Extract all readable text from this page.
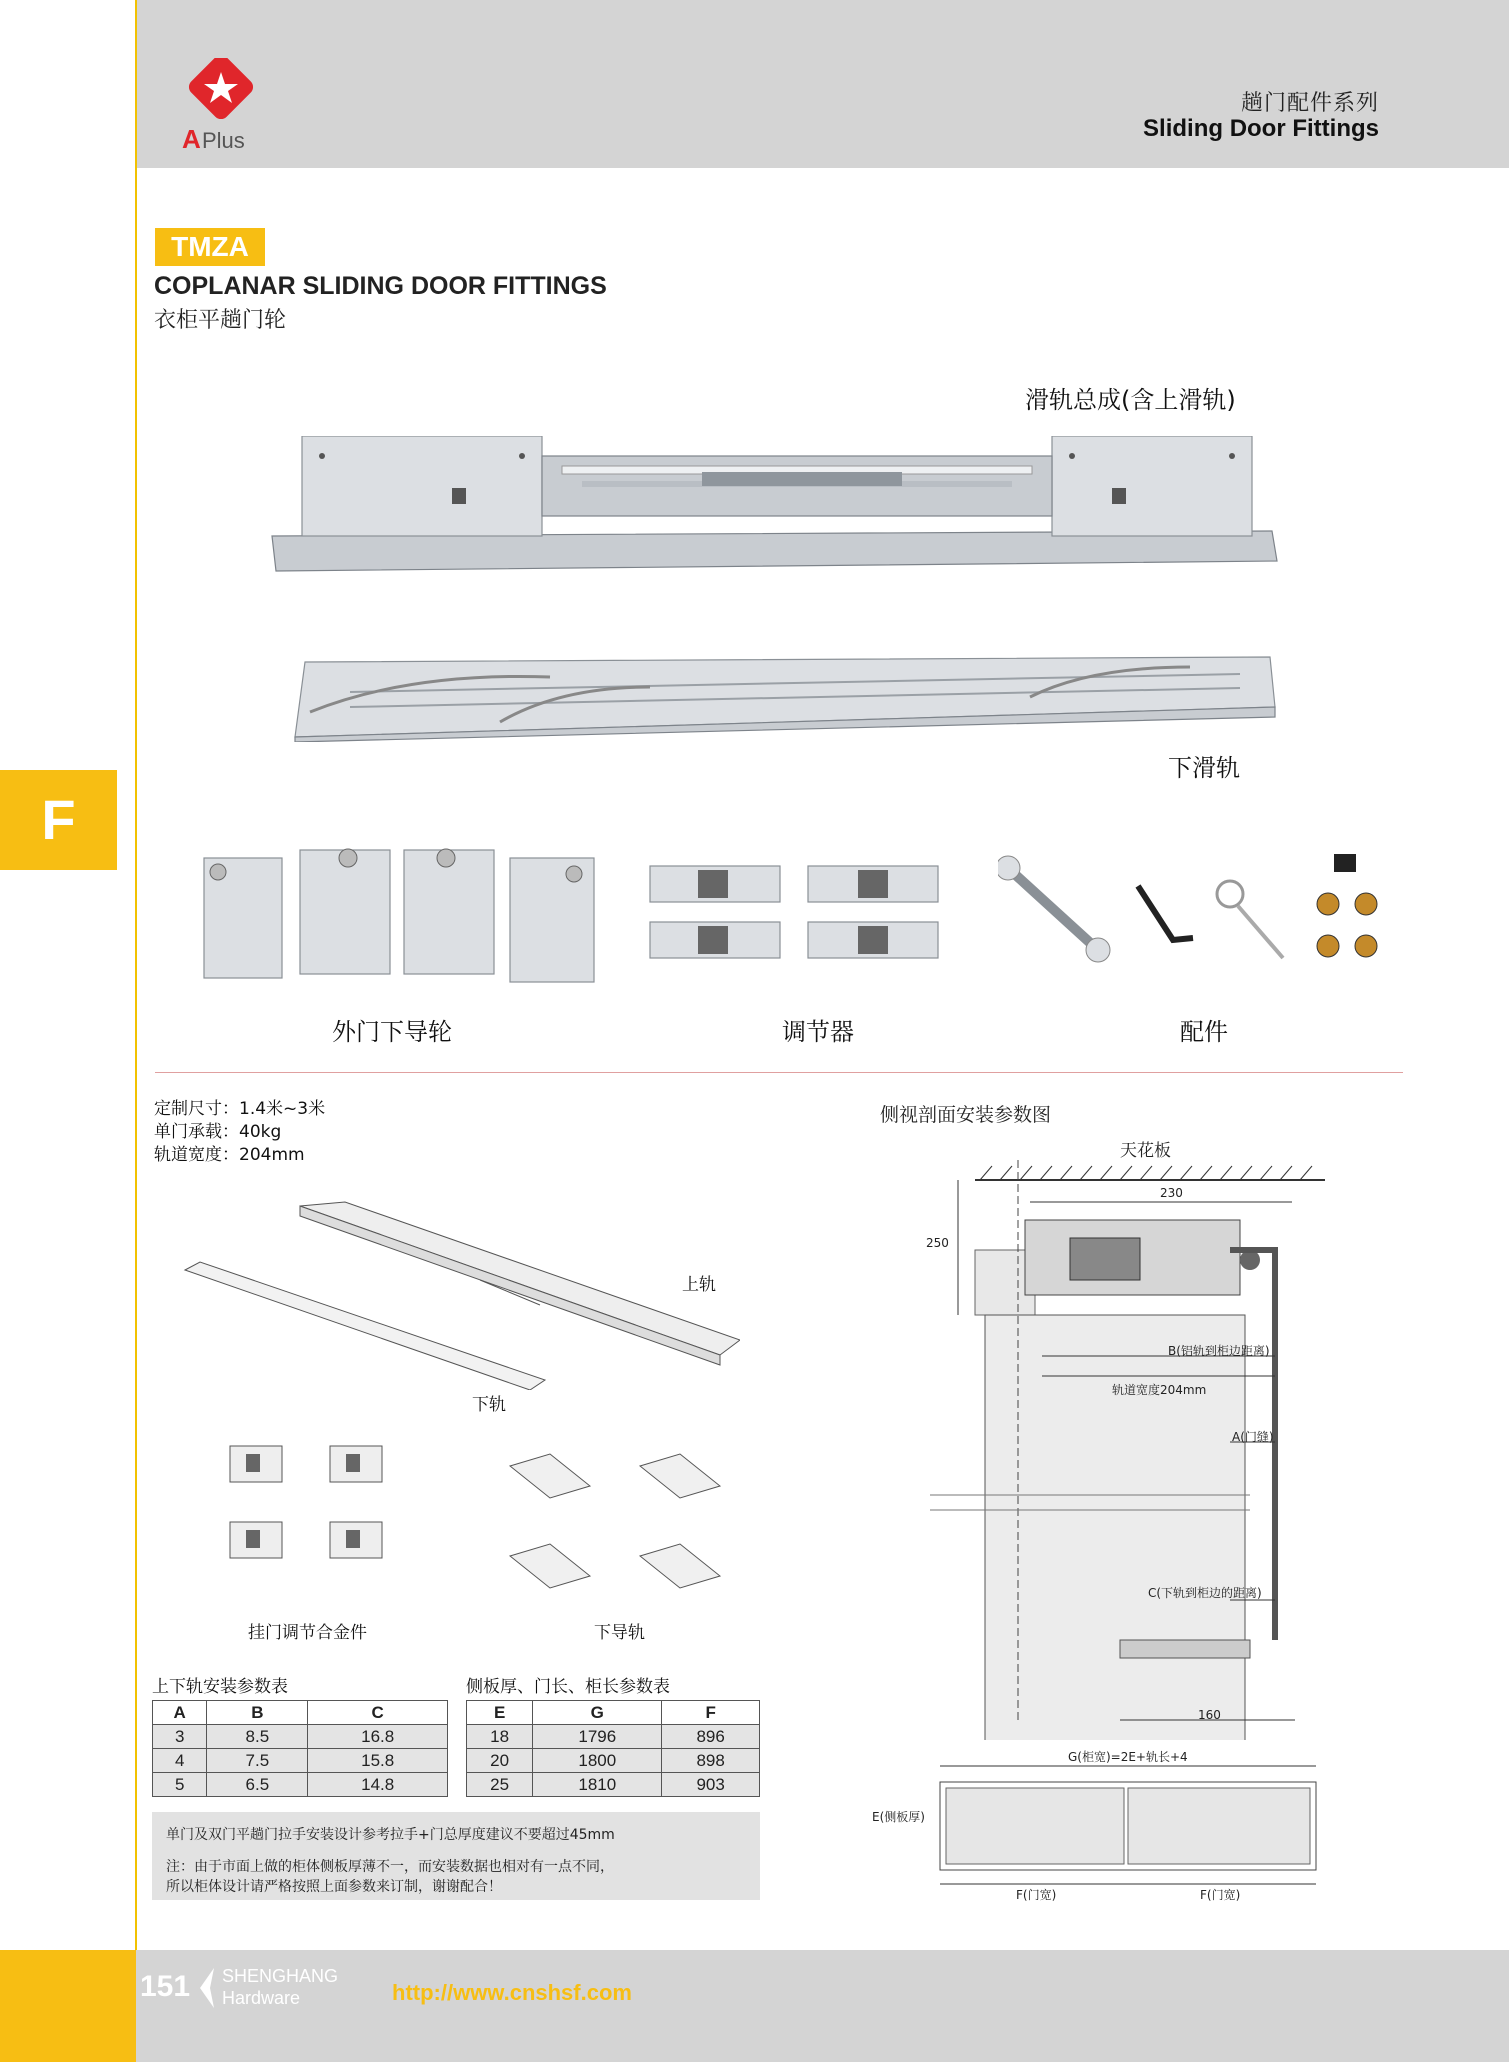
A Plus
趟门配件系列
Sliding Door Fittings
TMZA
COPLANAR SLIDING DOOR FITTINGS
衣柜平趟门轮
F
滑轨总成(含上滑轨)
下滑轨
外门下导轮	调节器	配件
定制尺寸：1.4米~3米
单门承载：40kg
轨道宽度：204mm
上轨
下轨
挂门调节合金件	下导轨
上下轨安装参数表
A	B	C
3	8.5	16.8
4	7.5	15.8
5	6.5	14.8
侧板厚、门长、柜长参数表
E	G	F
18	1796	896
20	1800	898
25	1810	903
单门及双门平趟门拉手安装设计参考拉手+门总厚度建议不要超过45mm
注：由于市面上做的柜体侧板厚薄不一，而安装数据也相对有一点不同，
所以柜体设计请严格按照上面参数来订制，谢谢配合！
侧视剖面安装参数图
天花板
230
250
B(铝轨到柜边距离)
轨道宽度204mm
A(门缝)
C(下轨到柜边的距离)
160
G(柜宽)=2E+轨长+4
E(侧板厚)
F(门宽)	F(门宽)
151 SHENGHANG
Hardware	http://www.cnshsf.com
